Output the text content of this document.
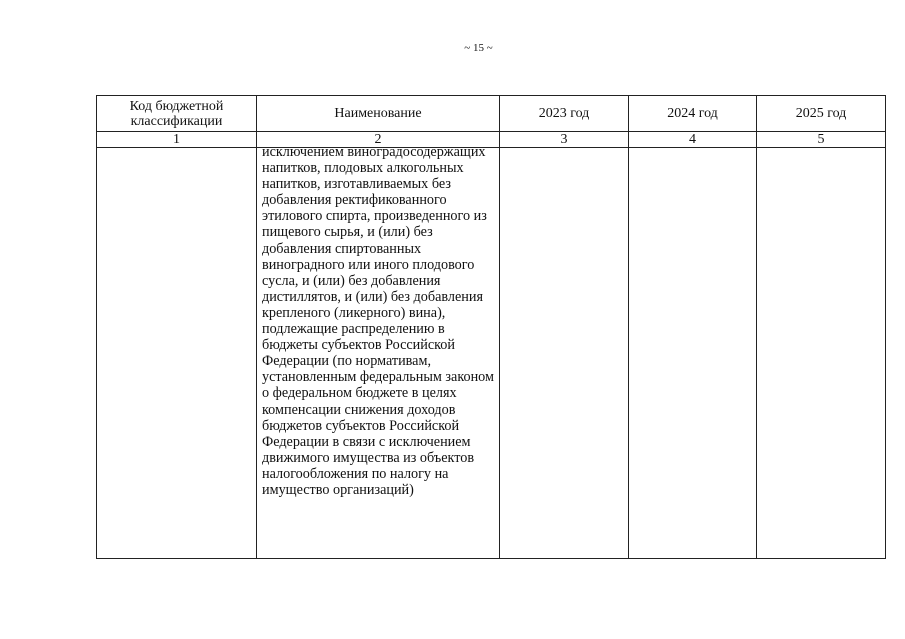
~ 15 ~
Код бюджетной классификации	Наименование	2023 год	2024 год	2025 год
1	2	3	4	5

	исключением виноградосодержащих напитков, плодовых алкогольных напитков, изготавливаемых без добавления ректификованного этилового спирта, произведенного из пищевого сырья, и (или) без добавления спиртованных виноградного или иного плодового сусла, и (или) без добавления дистиллятов, и (или) без добавления крепленого (ликерного) вина), подлежащие распределению в бюджеты субъектов Российской Федерации (по нормативам, установленным федеральным законом о федеральном бюджете в целях компенсации снижения доходов бюджетов субъектов Российской Федерации в связи с исключением движимого имущества из объектов налогообложения по налогу на имущество организаций)			
